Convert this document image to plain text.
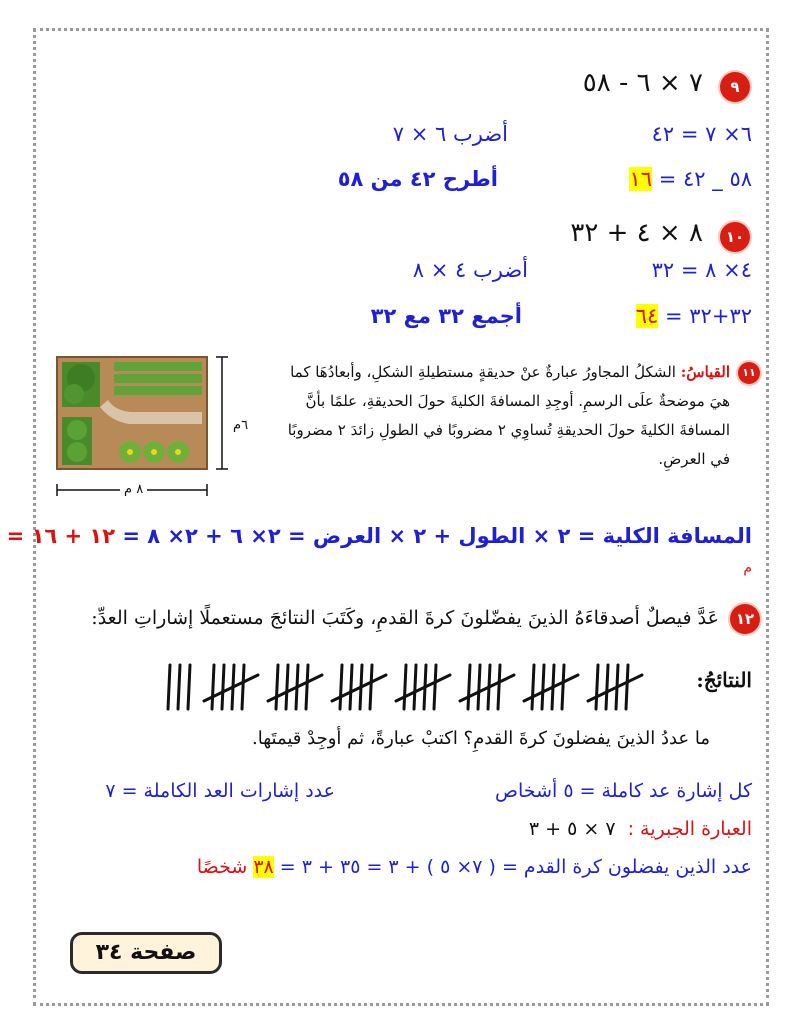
٩ ٧ × ٦ - ٥٨
٦× ٧ = ٤٢
أضرب ٦ × ٧
٥٨ _ ٤٢ = ١٦
أطرح ٤٢ من ٥٨
١٠ ٨ × ٤ + ٣٢
٤× ٨ = ٣٢
أضرب ٤ × ٨
٣٢+٣٢ = ٦٤
أجمع ٣٢ مع ٣٢
١١
القياسُ: الشكلُ المجاورُ عبارةٌ عنْ حديقةٍ مستطيلةِ الشكلِ، وأبعادُهَا كما هيَ موضحةٌ علَى الرسمِ. أوجِدِ المسافةَ الكليةَ حولَ الحديقةِ، علمًا بأنَّ المسافةَ الكليةَ حولَ الحديقةِ تُساوِي ٢ مضروبًا في الطولِ زائدَ ٢ مضروبًا في العرضِ.
٦م
٨ م
المسافة الكلية = ٢ × الطول + ٢ × العرض = ٢× ٦ + ٢× ٨ = ١٢ + ١٦ =
م
١٢ عَدَّ فيصلٌ أصدقاءَهُ الذينَ يفضّلونَ كرةَ القدمِ، وكَتَبَ النتائجَ مستعملًا إشاراتِ العدِّ:
النتائجُ:
ما عددُ الذينَ يفضلونَ كرةَ القدمِ؟ اكتبْ عبارةً، ثم أوجِدْ قيمتَها.
كل إشارة عد كاملة = ٥ أشخاص
عدد إشارات العد الكاملة = ٧
العبارة الجبرية : ٧ × ٥ + ٣
عدد الذين يفضلون كرة القدم = ( ٧× ٥ ) + ٣ = ٣٥ + ٣ = ٣٨ شخصًا
صفحة ٣٤
